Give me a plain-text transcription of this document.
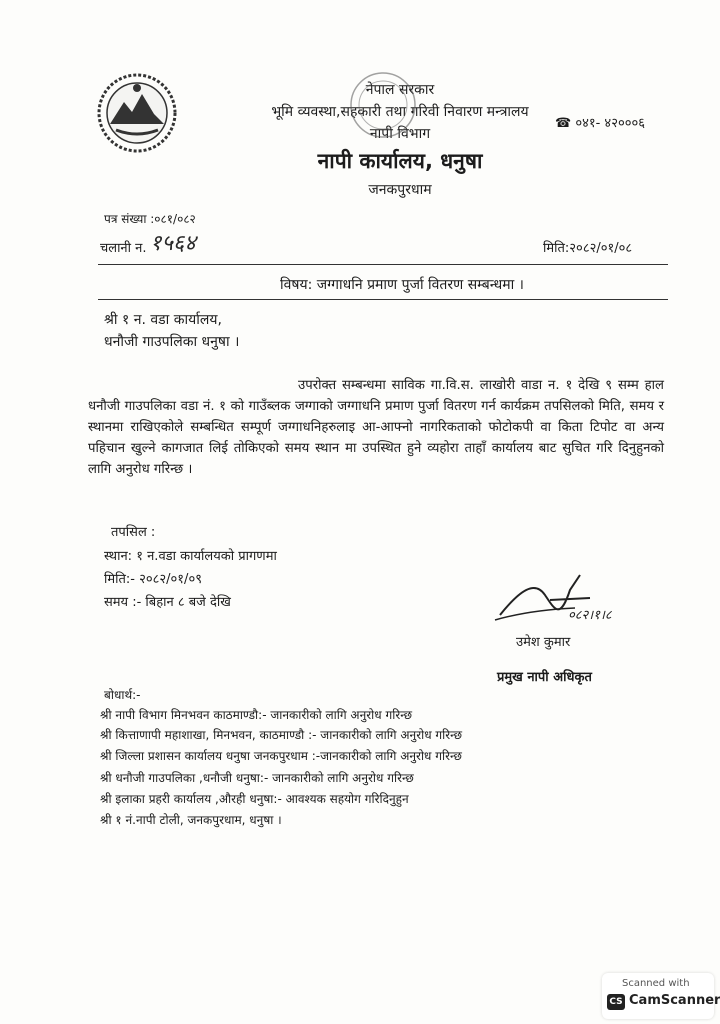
नेपाल सरकार
भूमि व्यवस्था,सहकारी तथा गरिवी निवारण मन्त्रालय
नापी विभाग
नापी कार्यालय, धनुषा
जनकपुरधाम
☎ ०४१- ४२०००६
पत्र संख्या :०८१/०८२
चलानी न. १५६४	मिति:२०८२/०१/०८
विषय: जग्गाधनि प्रमाण पुर्जा वितरण सम्बन्धमा ।
श्री १ न. वडा कार्यालय,
धनौजी गाउपलिका धनुषा ।
उपरोक्त सम्बन्धमा साविक गा.वि.स. लाखोरी वाडा न. १ देखि ९ सम्म हाल धनौजी गाउपलिका वडा नं. १ को गाउँब्लक जग्गाको जग्गाधनि प्रमाण पुर्जा वितरण गर्न कार्यक्रम तपसिलको मिति, समय र स्थानमा राखिएकोले सम्बन्धित सम्पूर्ण जग्गाधनिहरुलाइ आ-आफ्नो नागरिकताको फोटोकपी वा किता टिपोट वा अन्य पहिचान खुल्ने कागजात लिई तोकिएको समय स्थान मा उपस्थित हुने व्यहोरा ताहाँ कार्यालय बाट सुचित गरि दिनुहुनको लागि अनुरोध गरिन्छ ।
तपसिल :
स्थान: १ न.वडा कार्यालयको प्रागणमा
मिति:- २०८२/०१/०९
समय :- बिहान ८ बजे देखि
०८२।१।८
उमेश कुमार
प्रमुख नापी अधिकृत
बोधार्थ:-
श्री नापी विभाग मिनभवन काठमाण्डौ:- जानकारीको लागि अनुरोध गरिन्छ
श्री कित्ताणापी महाशाखा, मिनभवन, काठमाण्डौ :- जानकारीको लागि अनुरोध गरिन्छ
श्री जिल्ला प्रशासन कार्यालय धनुषा जनकपुरधाम :-जानकारीको लागि अनुरोध गरिन्छ
श्री धनौजी गाउपलिका ,धनौजी धनुषा:- जानकारीको लागि अनुरोध गरिन्छ
श्री इलाका प्रहरी कार्यालय ,औरही धनुषा:- आवश्यक सहयोग गरिदिनुहुन
श्री १ नं.नापी टोली, जनकपुरधाम, धनुषा ।
Scanned with
CS CamScanner
